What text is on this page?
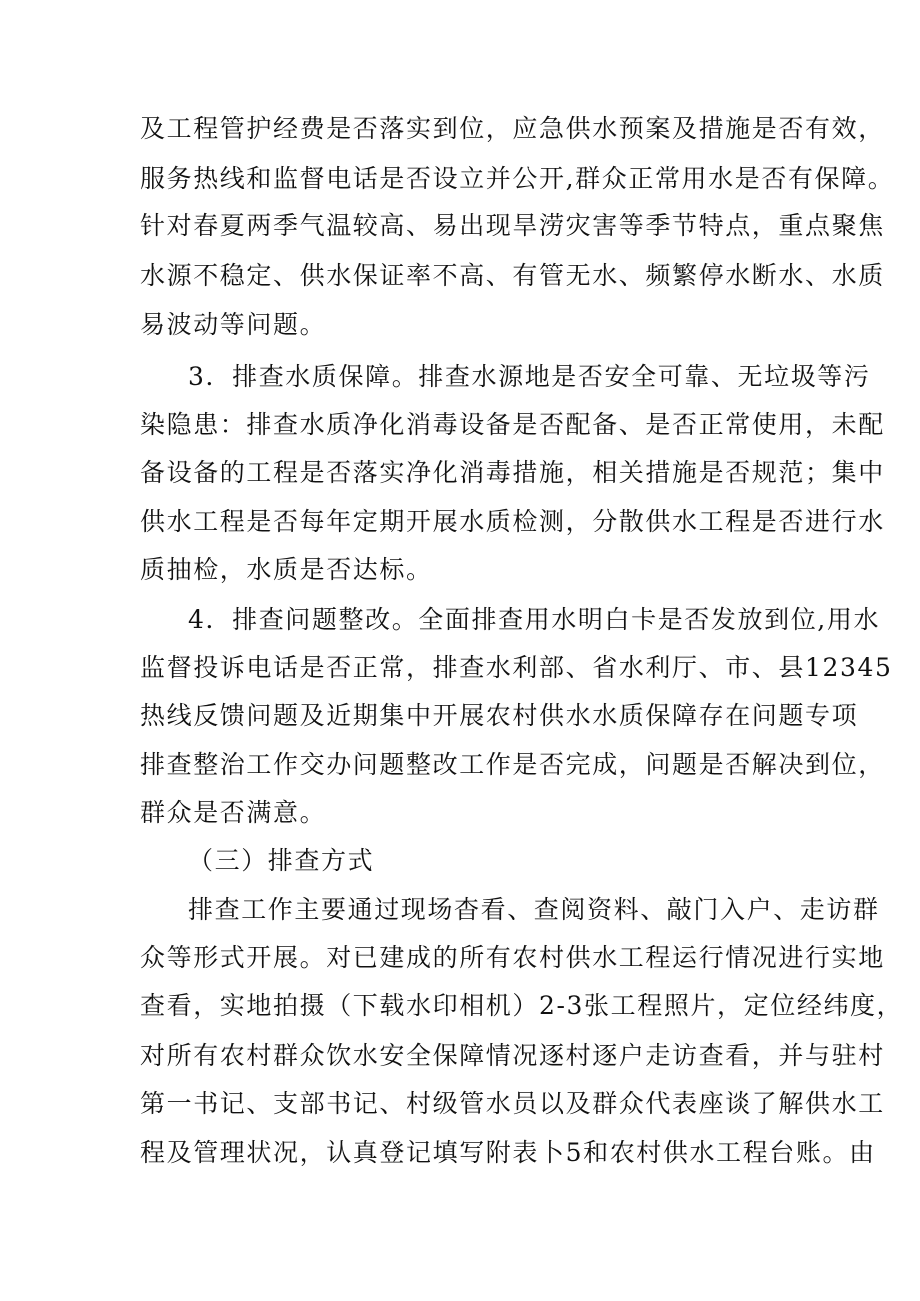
及工程管护经费是否落实到位，应急供水预案及措施是否有效，
服务热线和监督电话是否设立并公开,群众正常用水是否有保障。
针对春夏两季气温较高、易出现旱涝灾害等季节特点，重点聚焦
水源不稳定、供水保证率不高、有管无水、频繁停水断水、水质
易波动等问题。
3．排查水质保障。排查水源地是否安全可靠、无垃圾等污
染隐患：排查水质净化消毒设备是否配备、是否正常使用，未配
备设备的工程是否落实净化消毒措施，相关措施是否规范；集中
供水工程是否每年定期开展水质检测，分散供水工程是否进行水
质抽检，水质是否达标。
4．排查问题整改。全面排查用水明白卡是否发放到位,用水
监督投诉电话是否正常，排查水利部、省水利厅、市、县12345
热线反馈问题及近期集中开展农村供水水质保障存在问题专项
排查整治工作交办问题整改工作是否完成，问题是否解决到位，
群众是否满意。
（三）排查方式
排查工作主要通过现场杳看、查阅资料、敲门入户、走访群
众等形式开展。对已建成的所有农村供水工程运行情况进行实地
查看，实地拍摄（下载水印相机）2-3张工程照片，定位经纬度，
对所有农村群众饮水安全保障情况逐村逐户走访查看，并与驻村
第一书记、支部书记、村级管水员以及群众代表座谈了解供水工
程及管理状况，认真登记填写附表卜5和农村供水工程台账。由
